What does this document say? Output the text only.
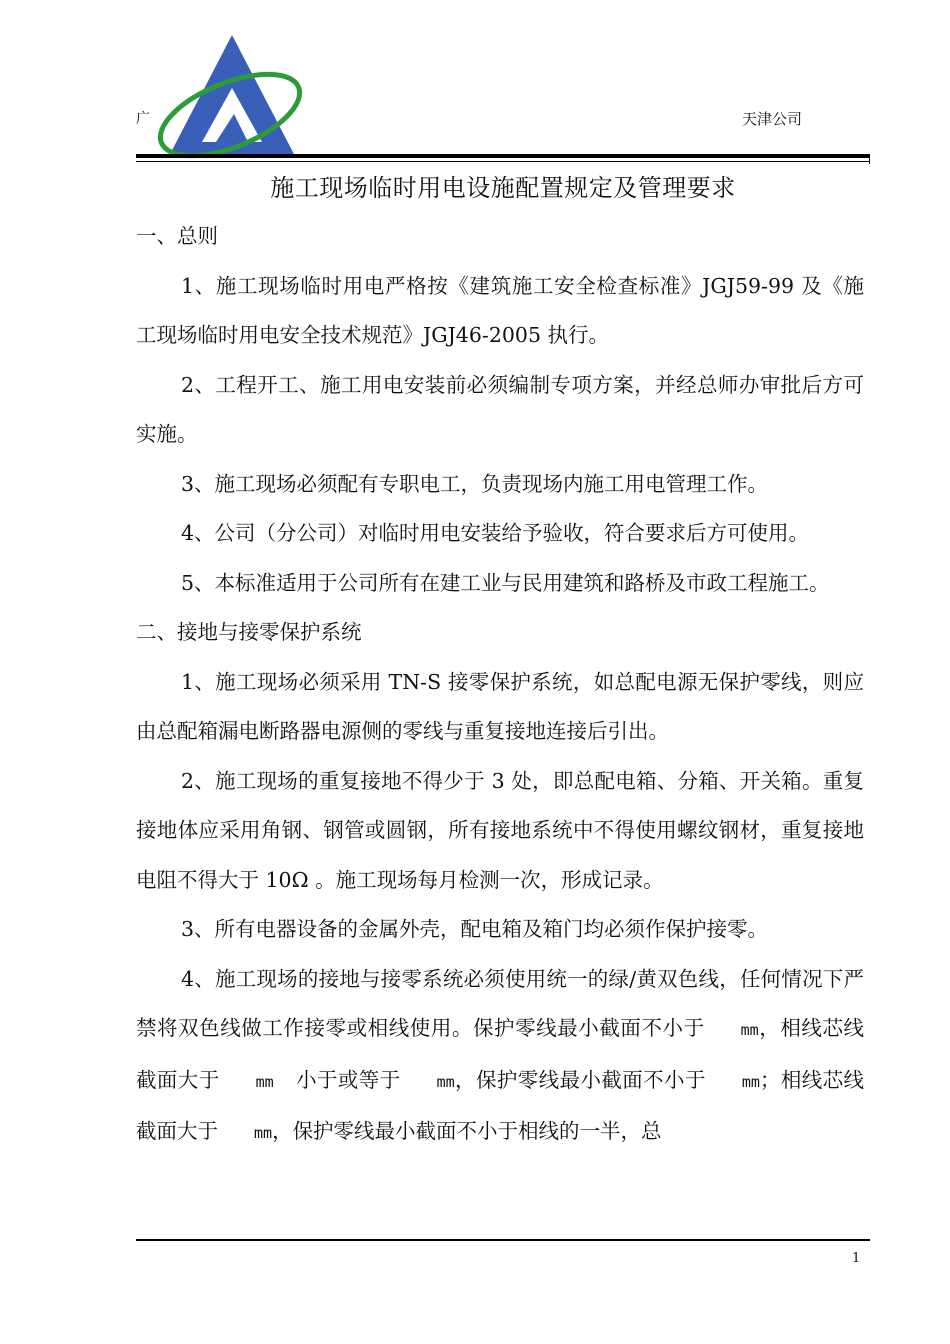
广	天津公司
施工现场临时用电设施配置规定及管理要求

一、总则

1、施工现场临时用电严格按《建筑施工安全检查标准》JGJ59-99 及《施工现场临时用电安全技术规范》JGJ46-2005 执行。

2、工程开工、施工用电安装前必须编制专项方案，并经总师办审批后方可实施。

3、施工现场必须配有专职电工，负责现场内施工用电管理工作。

4、公司（分公司）对临时用电安装给予验收，符合要求后方可使用。

5、本标准适用于公司所有在建工业与民用建筑和路桥及市政工程施工。

二、接地与接零保护系统

1、施工现场必须采用 TN-S 接零保护系统，如总配电源无保护零线，则应由总配箱漏电断路器电源侧的零线与重复接地连接后引出。

2、施工现场的重复接地不得少于 3 处，即总配电箱、分箱、开关箱。重复接地体应采用角钢、钢管或圆钢，所有接地系统中不得使用螺纹钢材，重复接地电阻不得大于 10Ω 。施工现场每月检测一次，形成记录。

3、所有电器设备的金属外壳，配电箱及箱门均必须作保护接零。

4、施工现场的接地与接零系统必须使用统一的绿/黄双色线，任何情况下严禁将双色线做工作接零或相线使用。保护零线最小截面不小于 mm，相线芯线截面大于 mm 小于或等于 mm，保护零线最小截面不小于 mm；相线芯线截面大于 mm，保护零线最小截面不小于相线的一半，总

1
